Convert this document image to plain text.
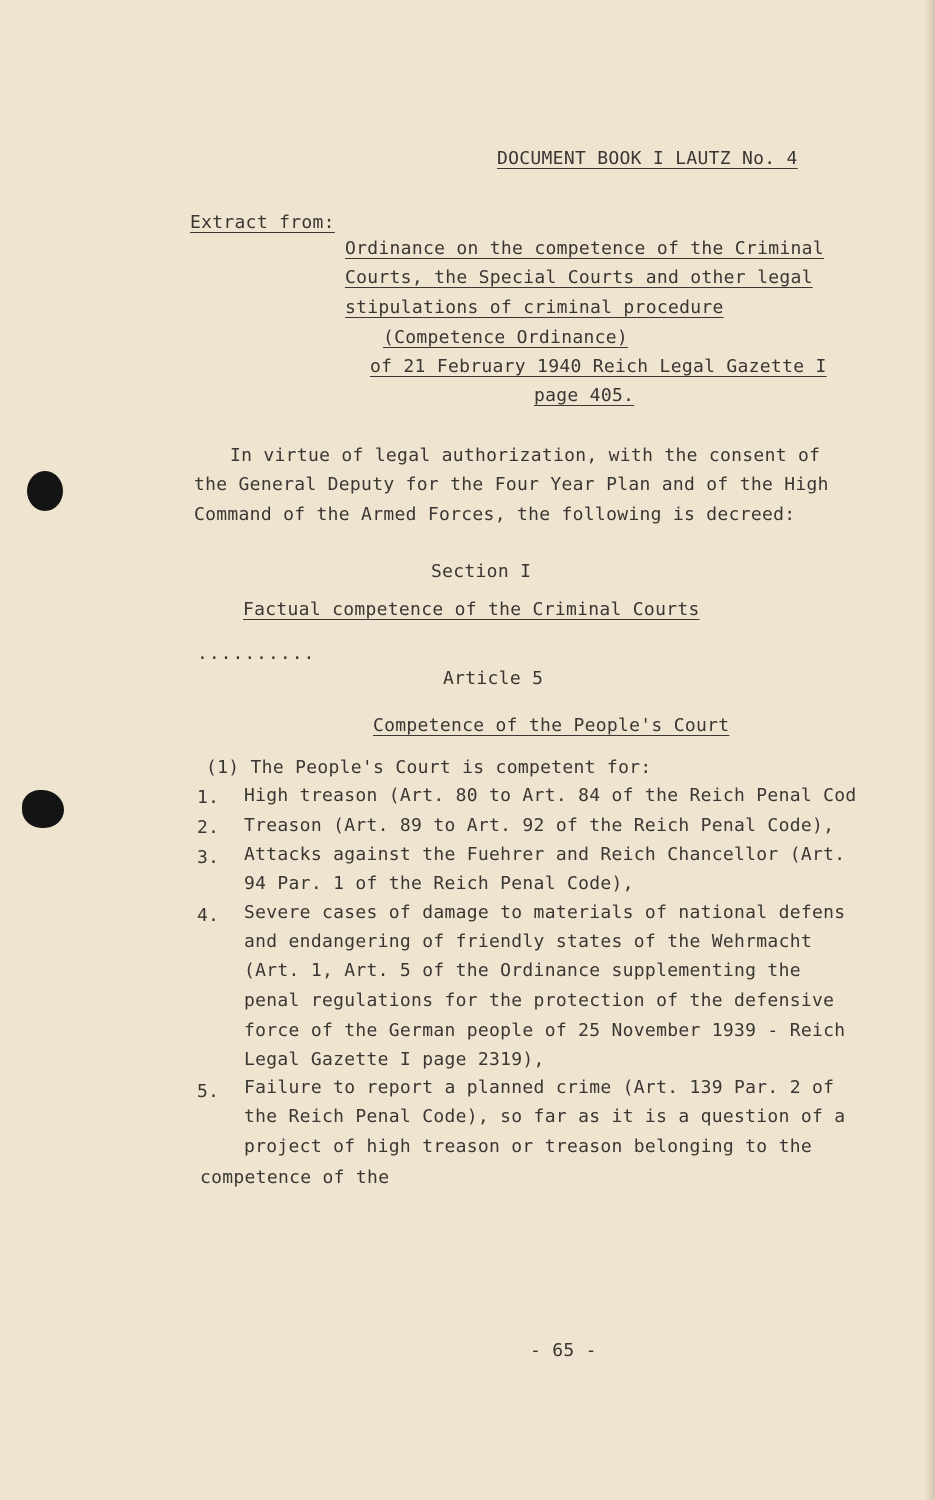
DOCUMENT BOOK I LAUTZ No. 4
Extract from:
Ordinance on the competence of the Criminal
Courts, the Special Courts and other legal
stipulations of criminal procedure
(Competence Ordinance)
of 21 February 1940 Reich Legal Gazette I
page 405.
In virtue of legal authorization, with the consent of
the General Deputy for the Four Year Plan and of the High
Command of the Armed Forces, the following is decreed:
Section I
Factual competence of the Criminal Courts
..........
Article 5
Competence of the People's Court
(1) The People's Court is competent for:
1. High treason (Art. 80 to Art. 84 of the Reich Penal Cod
2. Treason (Art. 89 to Art. 92 of the Reich Penal Code),
3. Attacks against the Fuehrer and Reich Chancellor (Art.
94 Par. 1 of the Reich Penal Code),
4. Severe cases of damage to materials of national defens
and endangering of friendly states of the Wehrmacht
(Art. 1, Art. 5 of the Ordinance supplementing the
penal regulations for the protection of the defensive
force of the German people of 25 November 1939 - Reich
Legal Gazette I page 2319),
5. Failure to report a planned crime (Art. 139 Par. 2 of
the Reich Penal Code), so far as it is a question of a
project of high treason or treason belonging to the
competence of the
- 65 -
